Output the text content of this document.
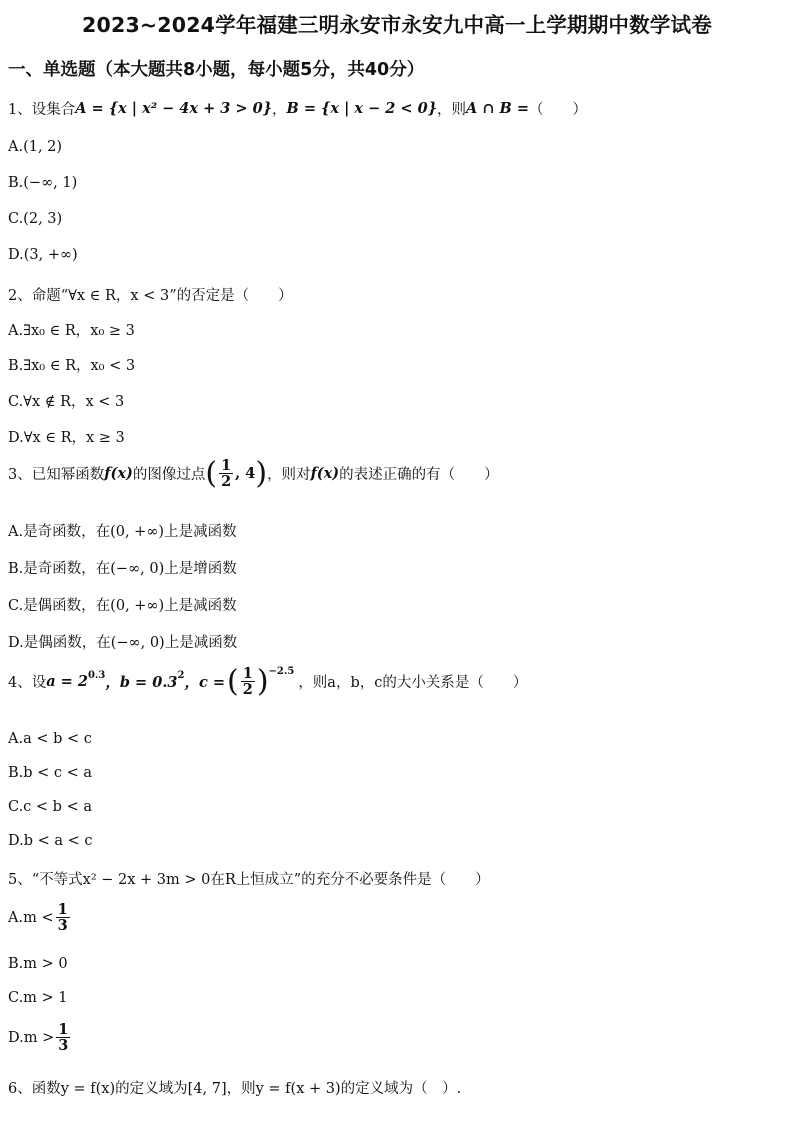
2023~2024学年福建三明永安市永安九中高一上学期期中数学试卷
一、单选题（本大题共8小题，每小题5分，共40分）
1、设集合 A = {x | x² − 4x + 3 > 0} ， B = {x | x − 2 < 0} ，则 A ∩ B = （　　）
A.(1, 2)
B.(−∞, 1)
C.(2, 3)
D.(3, +∞)
2、命题“∀x ∈ R，x < 3”的否定是（　　）
A.∃x₀ ∈ R，x₀ ≥ 3
B.∃x₀ ∈ R，x₀ < 3
C.∀x ∉ R，x < 3
D.∀x ∈ R，x ≥ 3
3、已知幂函数 f(x) 的图像过点 ( $\frac{1}{2}$ , 4 ) ，则对 f(x) 的表述正确的有（　　）
A.是奇函数，在(0, +∞)上是减函数
B.是奇函数，在(−∞, 0)上是增函数
C.是偶函数，在(0, +∞)上是减函数
D.是偶函数，在(−∞, 0)上是减函数
4、设 $a = 2^{0.3}$ ，$b = 0.3^2$ ，c = ( $\frac{1}{2} )^{-2.5}$
，则a，b，c的大小关系是（　　）
A.a < b < c
B.b < c < a
C.c < b < a
D.b < a < c
5、“不等式x² − 2x + 3m > 0在R上恒成立”的充分不必要条件是（　　）
$A.m < \frac{1}{3}$
B.m > 0
C.m > 1
$D.m > \frac{1}{3}$
6、函数y = f(x)的定义域为[4, 7]，则y = f(x + 3)的定义域为（　）.
